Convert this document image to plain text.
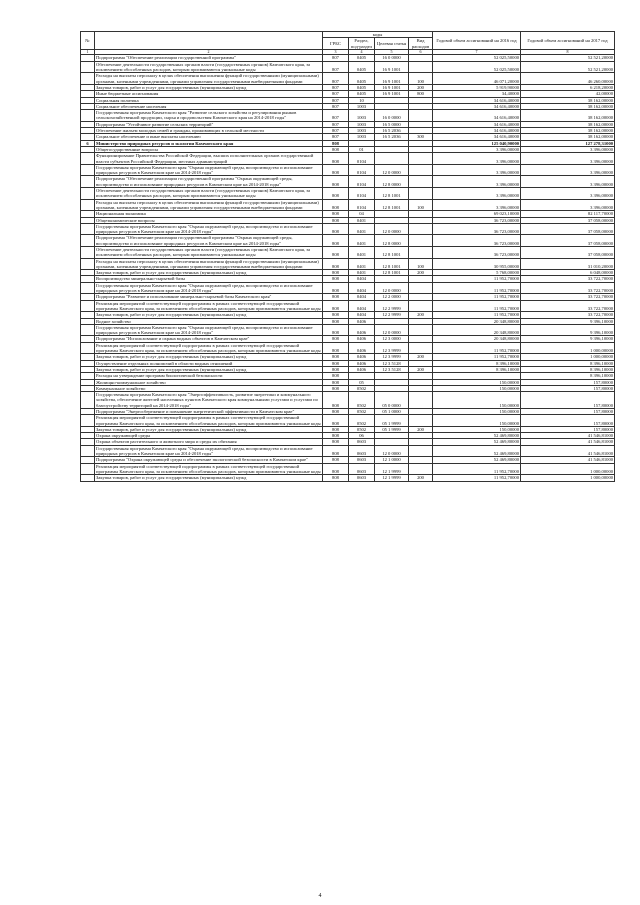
№		коды				Годовой объем ассигнований на 2016 год	Годовой объем ассигнований на 2017 год
		ГРБС	Раздел, под-раздел	Целевая статья	Вид расходов		
1	2	3	4	5	6	7	8
	Подпрограмма "Обеспечение реализации государственной программы"	807	0405	16 0 0000		52 025,50000	52 521,20000
	Обеспечение деятельности государственных органов власти (государственных органов) Камчатского края, за исключением обособленных расходов, которым присваиваются уникальные коды	807	0405	16 9 1001		52 025,50000	52 521,20000
	Расходы на выплаты персоналу в целях обеспечения выполнения функций государственными (муниципальными) органами, казенными учреждениями, органами управления государственными внебюджетными фондами	807	0405	16 9 1001	100	46 071,20000	46 260,00000
	Закупка товаров, работ и услуг для государственных (муниципальных) нужд	807	0405	16 9 1001	200	5 919,90000	6 218,20000
	Иные бюджетные ассигнования	807	0405	16 9 1001	800	34,40000	42,00000
	Социальная политика	807	10			34 616,40000	38 162,00000
	Социальное обеспечение населения	807	1003			34 616,40000	38 162,00000
	Государственная программа Камчатского края "Развитие сельского хозяйства и регулирования рынков сельскохозяйственной продукции, сырья и продовольствия Камчатского края на 2014-2018 годы"	807	1003	16 0 0000		34 616,40000	38 162,00000
	Подпрограмма "Устойчивое развитие сельских территорий"	807	1003	16 5 0000		34 616,40000	38 162,00000
	Обеспечение жильем молодых семей и граждан, проживающих в сельской местности	807	1003	16 5 2036		34 616,40000	38 162,00000
	Социальное обеспечение и иные выплаты населению	807	1003	16 5 2036	300	34 616,40000	38 162,00000
6	Министерство природных ресурсов и экологии Камчатского края	808				125 040,90000	127 278,31000
	Общегосударственные вопросы	808	01			3 396,00000	3 396,00000
	Функционирование Правительства Российской Федерации, высших исполнительных органов государственной власти субъектов Российской Федерации, местных администраций	808	0104			3 396,00000	3 396,00000
	Государственная программа Камчатского края "Охрана окружающей среды, воспроизводство и использование природных ресурсов в Камчатском крае на 2014-2018 годы"	808	0104	12 0 0000		3 396,00000	3 396,00000
	Подпрограмма "Обеспечение реализации государственной программы "Охрана окружающей среды, воспроизводство и использование природных ресурсов в Камчатском крае на 2014-2018 годы"	808	0104	12 8 0000		3 396,00000	3 396,00000
	Обеспечение деятельности государственных органов власти (государственных органов) Камчатского края, за исключением обособленных расходов, которым присваиваются уникальные коды	808	0104	12 8 1001		3 396,00000	3 396,00000
	Расходы на выплаты персоналу в целях обеспечения выполнения функций государственными (муниципальными) органами, казенными учреждениями, органами управления государственными внебюджетными фондами	808	0104	12 8 1001	100	3 396,00000	3 396,00000
	Национальная экономика	808	04			69 023,10000	82 117,70000
	Общеэкономические вопросы	808	0401			36 723,00000	37 058,00000
	Государственная программа Камчатского края "Охрана окружающей среды, воспроизводство и использование природных ресурсов в Камчатском крае на 2014-2018 годы"	808	0401	12 0 0000		36 723,00000	37 058,00000
	Подпрограмма "Обеспечение реализации государственной программы "Охрана окружающей среды, воспроизводство и использование природных ресурсов в Камчатском крае на 2014-2018 годы"	808	0401	12 8 0000		36 723,00000	37 058,00000
	Обеспечение деятельности государственных органов власти (государственных органов) Камчатского края, за исключением обособленных расходов, которым присваиваются уникальные коды	808	0401	12 8 1001		36 723,00000	37 058,00000
	Расходы на выплаты персоналу в целях обеспечения выполнения функций государственными (муниципальными) органами, казенными учреждениями, органами управления государственными внебюджетными фондами	808	0401	12 8 1001	100	30 955,00000	31 010,20000
	Закупка товаров, работ и услуг для государственных (муниципальных) нужд	808	0401	12 8 1001	200	5 768,00000	6 048,00000
	Воспроизводство минерально-сырьевой базы	808	0404			11 952,70000	33 722,70000
	Государственная программа Камчатского края "Охрана окружающей среды, воспроизводство и использование природных ресурсов в Камчатском крае на 2014-2018 годы"	808	0404	12 0 0000		11 952,70000	33 722,70000
	Подпрограмма "Развитие и использование минерально-сырьевой базы Камчатского края"	808	0404	12 2 0000		11 952,70000	33 722,70000
	Реализация мероприятий соответствующей подпрограммы в рамках соответствующей государственной программы Камчатского края, за исключением обособленных расходов, которым присваиваются уникальные коды	808	0404	12 2 9999		11 952,70000	33 722,70000
	Закупка товаров, работ и услуг для государственных (муниципальных) нужд	808	0404	12 2 9999	200	11 952,70000	33 722,70000
	Водное хозяйство	808	0406			20 348,80000	9 396,10000
	Государственная программа Камчатского края "Охрана окружающей среды, воспроизводство и использование природных ресурсов в Камчатском крае на 2014-2018 годы"	808	0406	12 0 0000		20 348,80000	9 396,10000
	Подпрограмма "Использование и охрана водных объектов в Камчатском крае"	808	0406	12 3 0000		20 348,80000	9 396,10000
	Реализация мероприятий соответствующей подпрограммы в рамках соответствующей государственной программы Камчатского края, за исключением обособленных расходов, которым присваиваются уникальные коды	808	0406	12 3 9999		11 952,70000	1 000,00000
	Закупка товаров, работ и услуг для государственных (муниципальных) нужд	808	0406	12 3 9999	200	11 952,70000	1 000,00000
	Осуществление отдельных полномочий в области водных отношений	808	0406	12 3 5128		8 396,10000	8 396,10000
	Закупка товаров, работ и услуг для государственных (муниципальных) нужд	808	0406	12 3 5128	200	8 396,10000	8 396,10000
	Расходы на утверждение программ биологической безопасности	808					8 396,10000
	Жилищно-коммунальное хозяйство	808	05			150,00000	157,80000
	Коммунальное хозяйство	808	0502			150,00000	157,80000
	Государственная программа Камчатского края "Энергоэффективность, развитие энергетики и коммунального хозяйства, обеспечение жителей населенных пунктов Камчатского края коммунальными услугами и услугами по благоустройству территорий на 2014-2018 годы"	808	0502	05 0 0000		150,00000	157,80000
	Подпрограмма "Энергосбережение и повышение энергетической эффективности в Камчатском крае"	808	0502	05 1 0000		150,00000	157,80000
	Реализация мероприятий соответствующей подпрограммы в рамках соответствующей государственной программы Камчатского края, за исключением обособленных расходов, которым присваиваются уникальные коды	808	0502	05 1 9999		150,00000	157,80000
	Закупка товаров, работ и услуг для государственных (муниципальных) нужд	808	0502	05 1 9999	200	150,00000	157,80000
	Охрана окружающей среды	808	06			52 469,80000	41 546,81000
	Охрана объектов растительного и животного мира и среды их обитания	808	0603			52 469,80000	41 546,81000
	Государственная программа Камчатского края "Охрана окружающей среды, воспроизводство и использование природных ресурсов в Камчатском крае на 2014-2018 годы"	808	0603	12 0 0000		52 469,80000	41 546,81000
	Подпрограмма "Охрана окружающей среды и обеспечение экологической безопасности в Камчатском крае"	808	0603	12 1 0000		52 469,80000	41 546,81000
	Реализация мероприятий соответствующей подпрограммы в рамках соответствующей государственной программы Камчатского края, за исключением обособленных расходов, которым присваиваются уникальные коды	808	0603	12 1 9999		11 952,70000	1 000,00000
	Закупка товаров, работ и услуг для государственных (муниципальных) нужд	808	0603	12 1 9999	200	11 952,70000	1 000,00000
4
